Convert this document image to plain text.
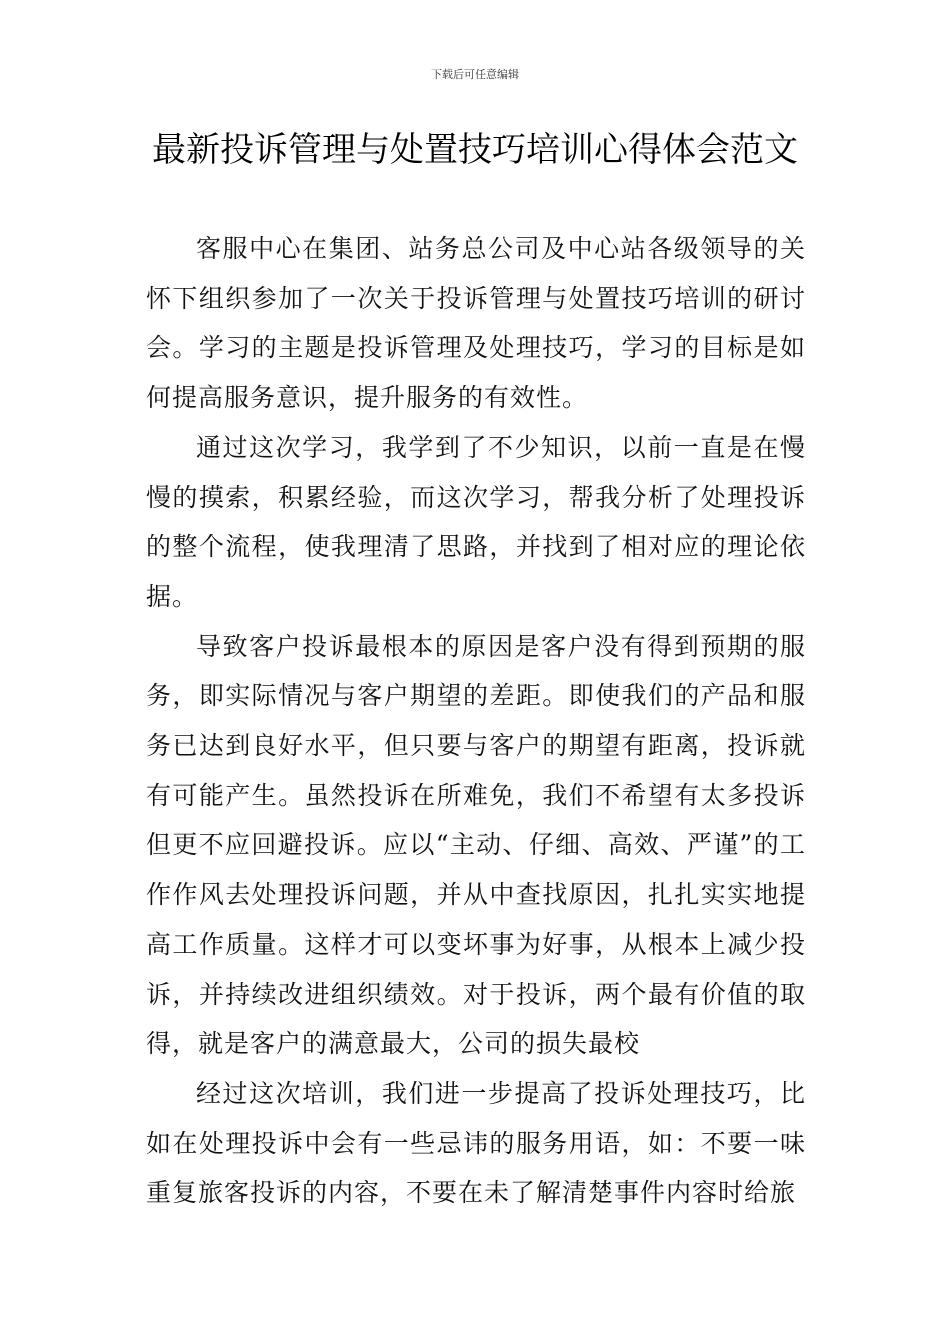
下载后可任意编辑
最新投诉管理与处置技巧培训心得体会范文

客服中心在集团、站务总公司及中心站各级领导的关怀下组织参加了一次关于投诉管理与处置技巧培训的研讨会。学习的主题是投诉管理及处理技巧，学习的目标是如何提高服务意识，提升服务的有效性。

通过这次学习，我学到了不少知识，以前一直是在慢慢的摸索，积累经验，而这次学习，帮我分析了处理投诉的整个流程，使我理清了思路，并找到了相对应的理论依据。

导致客户投诉最根本的原因是客户没有得到预期的服务，即实际情况与客户期望的差距。即使我们的产品和服务已达到良好水平，但只要与客户的期望有距离，投诉就有可能产生。虽然投诉在所难免，我们不希望有太多投诉但更不应回避投诉。应以“主动、仔细、高效、严谨”的工作作风去处理投诉问题，并从中查找原因，扎扎实实地提高工作质量。这样才可以变坏事为好事，从根本上减少投诉，并持续改进组织绩效。对于投诉，两个最有价值的取得，就是客户的满意最大，公司的损失最校

经过这次培训，我们进一步提高了投诉处理技巧，比如在处理投诉中会有一些忌讳的服务用语，如：不要一味重复旅客投诉的内容，不要在未了解清楚事件内容时给旅
